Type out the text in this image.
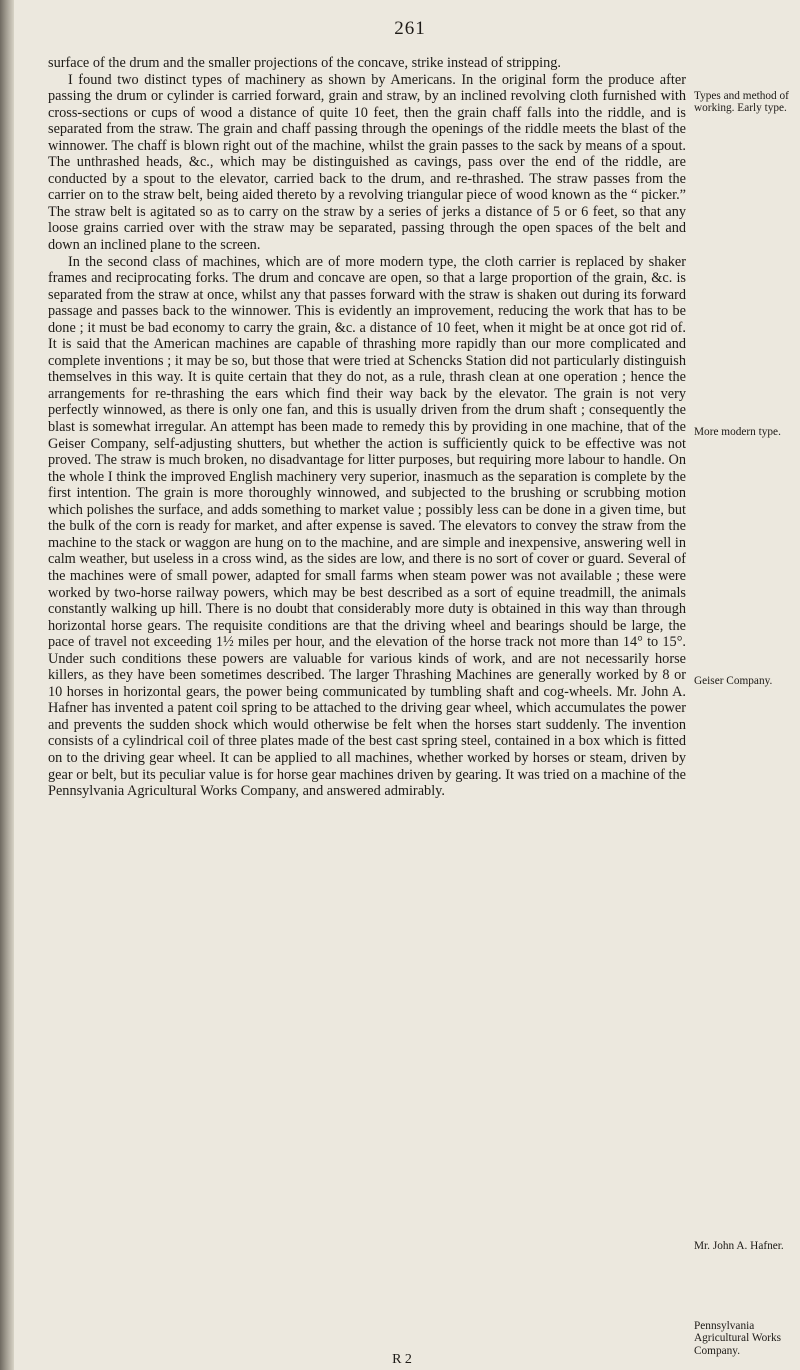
261

surface of the drum and the smaller projections of the concave, strike instead of stripping.

I found two distinct types of machinery as shown by Americans. In the original form the produce after passing the drum or cylinder is carried forward, grain and straw, by an inclined revolving cloth furnished with cross-sections or cups of wood a distance of quite 10 feet, then the grain chaff falls into the riddle, and is separated from the straw. The grain and chaff passing through the openings of the riddle meets the blast of the winnower. The chaff is blown right out of the machine, whilst the grain passes to the sack by means of a spout. The unthrashed heads, &c., which may be distinguished as cavings, pass over the end of the riddle, are conducted by a spout to the elevator, carried back to the drum, and re-thrashed. The straw passes from the carrier on to the straw belt, being aided thereto by a revolving triangular piece of wood known as the “ picker.” The straw belt is agitated so as to carry on the straw by a series of jerks a distance of 5 or 6 feet, so that any loose grains carried over with the straw may be separated, passing through the open spaces of the belt and down an inclined plane to the screen.

In the second class of machines, which are of more modern type, the cloth carrier is replaced by shaker frames and reciprocating forks. The drum and concave are open, so that a large proportion of the grain, &c. is separated from the straw at once, whilst any that passes forward with the straw is shaken out during its forward passage and passes back to the winnower. This is evidently an improvement, reducing the work that has to be done ; it must be bad economy to carry the grain, &c. a distance of 10 feet, when it might be at once got rid of. It is said that the American machines are capable of thrashing more rapidly than our more complicated and complete inventions ; it may be so, but those that were tried at Schencks Station did not particularly distinguish themselves in this way. It is quite certain that they do not, as a rule, thrash clean at one operation ; hence the arrangements for re-thrashing the ears which find their way back by the elevator. The grain is not very perfectly winnowed, as there is only one fan, and this is usually driven from the drum shaft ; consequently the blast is somewhat irregular. An attempt has been made to remedy this by providing in one machine, that of the Geiser Company, self-adjusting shutters, but whether the action is sufficiently quick to be effective was not proved. The straw is much broken, no disadvantage for litter purposes, but requiring more labour to handle. On the whole I think the improved English machinery very superior, inasmuch as the separation is complete by the first intention. The grain is more thoroughly winnowed, and subjected to the brushing or scrubbing motion which polishes the surface, and adds something to market value ; possibly less can be done in a given time, but the bulk of the corn is ready for market, and after expense is saved. The elevators to convey the straw from the machine to the stack or waggon are hung on to the machine, and are simple and inexpensive, answering well in calm weather, but useless in a cross wind, as the sides are low, and there is no sort of cover or guard. Several of the machines were of small power, adapted for small farms when steam power was not available ; these were worked by two-horse railway powers, which may be best described as a sort of equine treadmill, the animals constantly walking up hill. There is no doubt that considerably more duty is obtained in this way than through horizontal horse gears. The requisite conditions are that the driving wheel and bearings should be large, the pace of travel not exceeding 1½ miles per hour, and the elevation of the horse track not more than 14° to 15°. Under such conditions these powers are valuable for various kinds of work, and are not necessarily horse killers, as they have been sometimes described. The larger Thrashing Machines are generally worked by 8 or 10 horses in horizontal gears, the power being communicated by tumbling shaft and cog-wheels. Mr. John A. Hafner has invented a patent coil spring to be attached to the driving gear wheel, which accumulates the power and prevents the sudden shock which would otherwise be felt when the horses start suddenly. The invention consists of a cylindrical coil of three plates made of the best cast spring steel, contained in a box which is fitted on to the driving gear wheel. It can be applied to all machines, whether worked by horses or steam, driven by gear or belt, but its peculiar value is for horse gear machines driven by gearing. It was tried on a machine of the Pennsylvania Agricultural Works Company, and answered admirably.

Types and method of working. Early type.
More modern type.
Geiser Company.
Mr. John A. Hafner.
Pennsylvania Agricultural Works Company.
R 2
